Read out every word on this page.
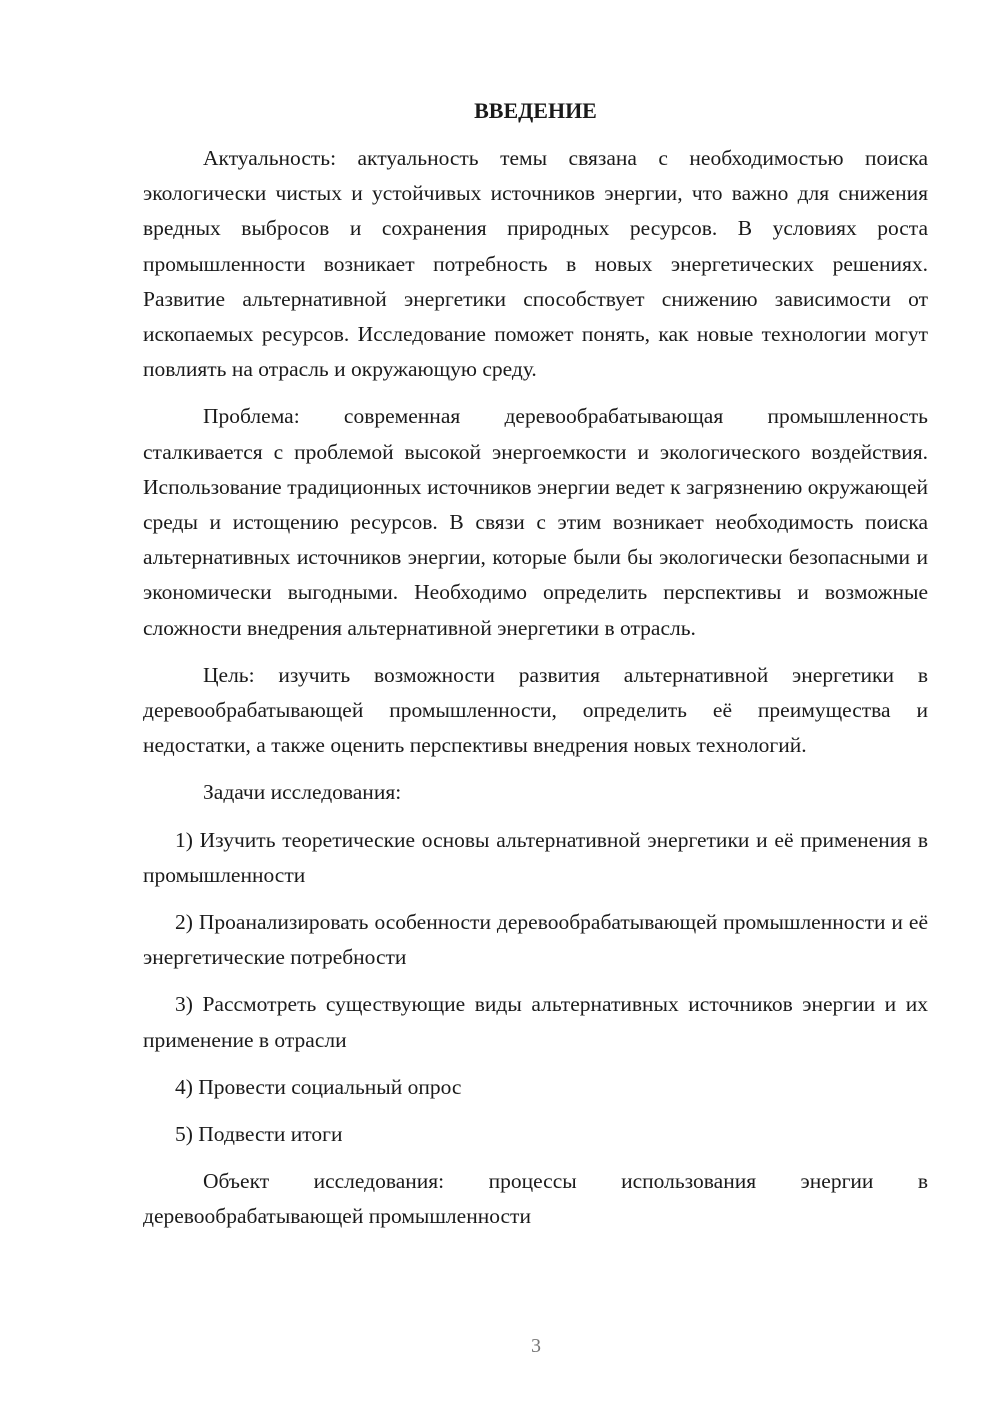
ВВЕДЕНИЕ

Актуальность: актуальность темы связана с необходимостью поиска экологически чистых и устойчивых источников энергии, что важно для снижения вредных выбросов и сохранения природных ресурсов. В условиях роста промышленности возникает потребность в новых энергетических решениях. Развитие альтернативной энергетики способствует снижению зависимости от ископаемых ресурсов. Исследование поможет понять, как новые технологии могут повлиять на отрасль и окружающую среду.

Проблема: современная деревообрабатывающая промышленность сталкивается с проблемой высокой энергоемкости и экологического воздействия. Использование традиционных источников энергии ведет к загрязнению окружающей среды и истощению ресурсов. В связи с этим возникает необходимость поиска альтернативных источников энергии, которые были бы экологически безопасными и экономически выгодными. Необходимо определить перспективы и возможные сложности внедрения альтернативной энергетики в отрасль.

Цель: изучить возможности развития альтернативной энергетики в деревообрабатывающей промышленности, определить её преимущества и недостатки, а также оценить перспективы внедрения новых технологий.

Задачи исследования:

1) Изучить теоретические основы альтернативной энергетики и её применения в промышленности

2) Проанализировать особенности деревообрабатывающей промышленности и её энергетические потребности

3) Рассмотреть существующие виды альтернативных источников энергии и их применение в отрасли

4) Провести социальный опрос

5) Подвести итоги

Объект исследования: процессы использования энергии в деревообрабатывающей промышленности

3
